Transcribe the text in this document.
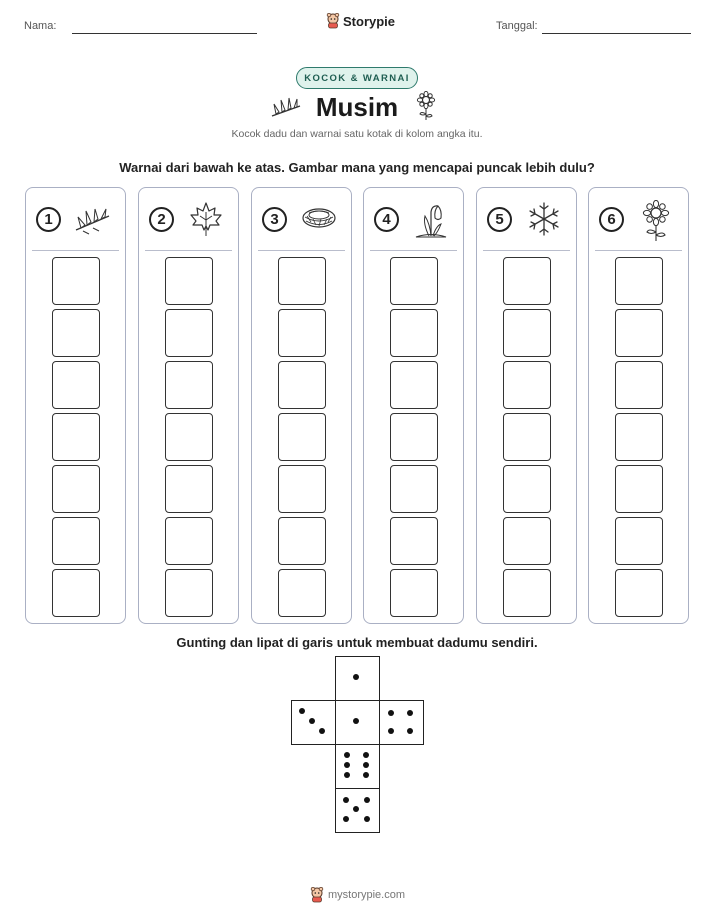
Nama:	Storypie	Tanggal:
KOCOK & WARNAI
Musim
Kocok dadu dan warnai satu kotak di kolom angka itu.
Warnai dari bawah ke atas. Gambar mana yang mencapai puncak lebih dulu?
1	2	3	4	5	6
Gunting dan lipat di garis untuk membuat dadumu sendiri.
mystorypie.com
